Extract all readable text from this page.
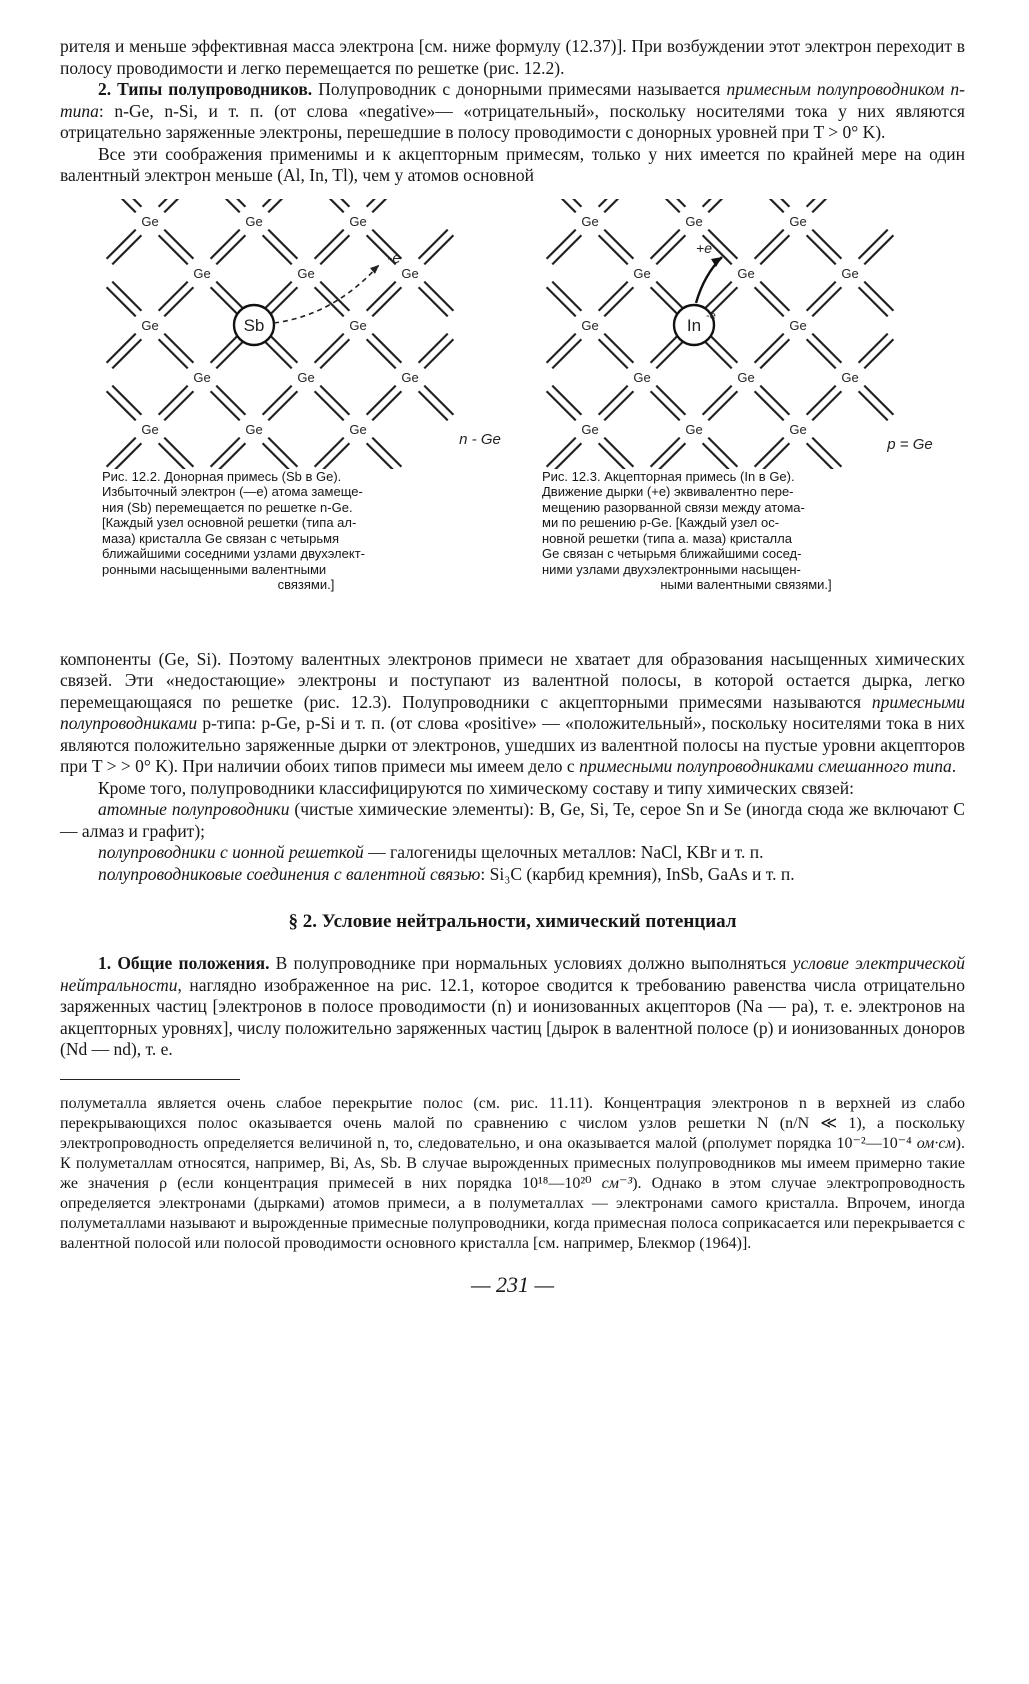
рителя и меньше эффективная масса электрона [см. ниже формулу (12.37)]. При возбуждении этот электрон переходит в полосу проводимости и легко перемещается по решетке (рис. 12.2).

2. Типы полупроводников. Полупроводник с донорными примесями называется примесным полупроводником n-типа: n-Ge, n-Si, и т. п. (от слова «negative»— «отрицательный», поскольку носителями тока у них являются отрицательно заряженные электроны, перешедшие в полосу проводимости с донорных уровней при T > 0° K).

Все эти соображения применимы и к акцепторным примесям, только у них имеется по крайней мере на один валентный электрон меньше (Al, In, Tl), чем у атомов основной

Ge	Ge	Ge
Ge	Ge	Ge
Ge	Ge
Ge	Ge	Ge
Ge	Ge	Ge
Sb
-e
n - Ge
Рис. 12.2. Донорная примесь (Sb в Ge).
Избыточный электрон (—e) атома замеще-
ния (Sb) перемещается по решетке n-Ge.
[Каждый узел основной решетки (типа ал-
маза) кристалла Ge связан с четырьмя
ближайшими соседними узлами двухэлект-
ронными насыщенными валентными
связями.]
Ge	Ge	Ge
Ge	Ge	Ge
Ge	Ge
Ge	Ge	Ge
Ge	Ge	Ge
In -e
+e
p = Ge
Рис. 12.3. Акцепторная примесь (In в Ge).
Движение дырки (+e) эквивалентно пере-
мещению разорванной связи между атома-
ми по решению p-Ge. [Каждый узел ос-
новной решетки (типа а. маза) кристалла
Ge связан с четырьмя ближайшими сосед-
ними узлами двухэлектронными насыщен-
ными валентными связями.]

компоненты (Ge, Si). Поэтому валентных электронов примеси не хватает для образования насыщенных химических связей. Эти «недостающие» электроны и поступают из валентной полосы, в которой остается дырка, легко перемещающаяся по решетке (рис. 12.3). Полупроводники с акцепторными примесями называются примесными полупроводниками p-типа: p-Ge, p-Si и т. п. (от слова «positive» — «положительный», поскольку носителями тока в них являются положительно заряженные дырки от электронов, ушедших из валентной полосы на пустые уровни акцепторов при T > > 0° K). При наличии обоих типов примеси мы имеем дело с примесными полупроводниками смешанного типа.

Кроме того, полупроводники классифицируются по химическому составу и типу химических связей:

атомные полупроводники (чистые химические элементы): B, Ge, Si, Te, серое Sn и Se (иногда сюда же включают C — алмаз и графит);

полупроводники с ионной решеткой — галогениды щелочных металлов: NaCl, KBr и т. п.

полупроводниковые соединения с валентной связью: Si₃C (карбид кремния), InSb, GaAs и т. п.

§ 2. Условие нейтральности, химический потенциал

1. Общие положения. В полупроводнике при нормальных условиях должно выполняться условие электрической нейтральности, наглядно изображенное на рис. 12.1, которое сводится к требованию равенства числа отрицательно заряженных частиц [электронов в полосе проводимости (n) и ионизованных акцепторов (Na — pa), т. е. электронов на акцепторных уровнях], числу положительно заряженных частиц [дырок в валентной полосе (p) и ионизованных доноров (Nd — nd), т. е.

полуметалла является очень слабое перекрытие полос (см. рис. 11.11). Концентрация электронов n в верхней из слабо перекрывающихся полос оказывается очень малой по сравнению с числом узлов решетки N (n/N ≪ 1), а поскольку электропроводность определяется величиной n, то, следовательно, и она оказывается малой (ρполумет порядка 10⁻²—10⁻⁴ ом·см). К полуметаллам относятся, например, Bi, As, Sb. В случае вырожденных примесных полупроводников мы имеем примерно такие же значения ρ (если концентрация примесей в них порядка 10¹⁸—10²⁰ см⁻³). Однако в этом случае электропроводность определяется электронами (дырками) атомов примеси, а в полуметаллах — электронами самого кристалла. Впрочем, иногда полуметаллами называют и вырожденные примесные полупроводники, когда примесная полоса соприкасается или перекрывается с валентной полосой или полосой проводимости основного кристалла [см. например, Блекмор (1964)].

— 231 —
